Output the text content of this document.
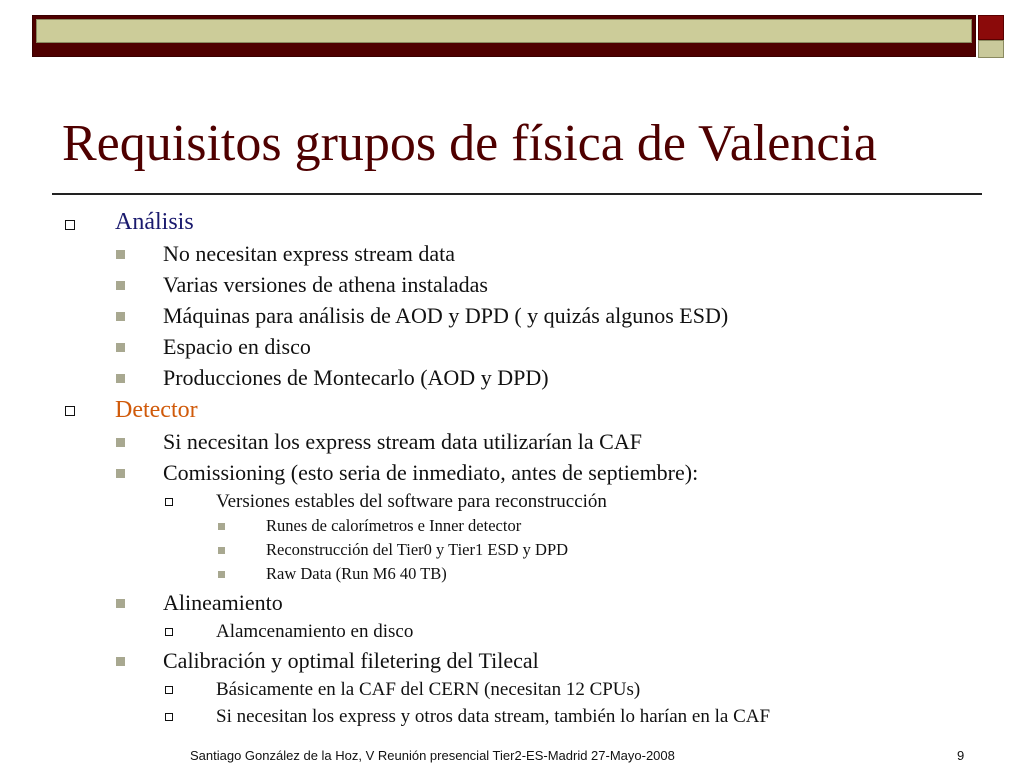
Requisitos grupos de física de Valencia
Análisis
No necesitan express stream data
Varias versiones de athena instaladas
Máquinas para análisis de AOD y DPD ( y quizás algunos ESD)
Espacio en disco
Producciones de Montecarlo (AOD y DPD)
Detector
Si necesitan los express stream data utilizarían la CAF
Comissioning (esto seria de inmediato, antes de septiembre):
Versiones estables del software para reconstrucción
Runes de calorímetros e Inner detector
Reconstrucción del Tier0 y Tier1 ESD y DPD
Raw Data (Run M6 40 TB)
Alineamiento
Alamcenamiento en disco
Calibración y optimal filetering del Tilecal
Básicamente en la CAF del CERN (necesitan 12 CPUs)
Si necesitan los express y otros data stream, también lo harían en la CAF
Santiago González de la Hoz, V Reunión presencial Tier2-ES-Madrid 27-Mayo-2008	9
